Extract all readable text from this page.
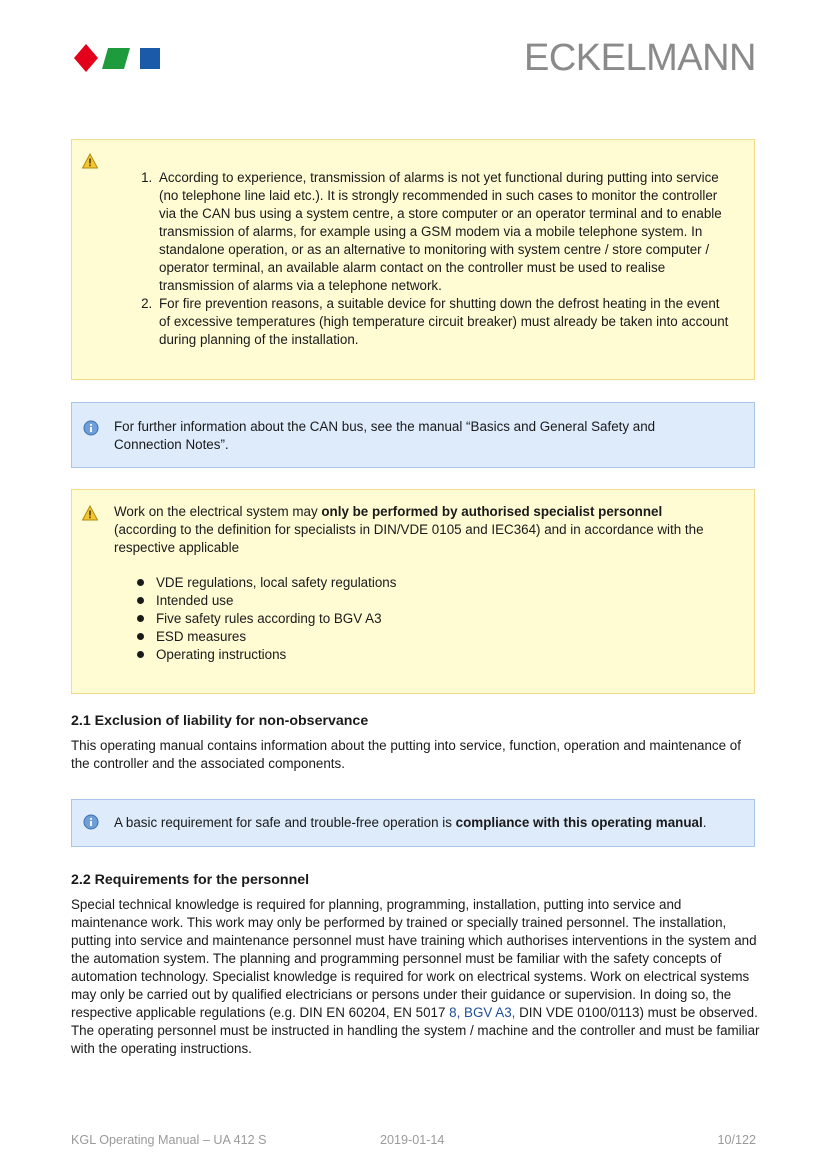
ECKELMANN
1. According to experience, transmission of alarms is not yet functional during putting into service (no telephone line laid etc.). It is strongly recommended in such cases to monitor the controller via the CAN bus using a system centre, a store computer or an operator terminal and to enable transmission of alarms, for example using a GSM modem via a mobile telephone system. In standalone operation, or as an alternative to monitoring with system centre / store computer / operator terminal, an available alarm contact on the controller must be used to realise transmission of alarms via a telephone network.
2. For fire prevention reasons, a suitable device for shutting down the defrost heating in the event of excessive temperatures (high temperature circuit breaker) must already be taken into account during planning of the installation.
For further information about the CAN bus, see the manual “Basics and General Safety and Connection Notes”.
Work on the electrical system may only be performed by authorised specialist personnel (according to the definition for specialists in DIN/VDE 0105 and IEC364) and in accordance with the respective applicable
VDE regulations, local safety regulations
Intended use
Five safety rules according to BGV A3
ESD measures
Operating instructions
2.1 Exclusion of liability for non-observance
This operating manual contains information about the putting into service, function, operation and maintenance of the controller and the associated components.
A basic requirement for safe and trouble-free operation is compliance with this operating manual.
2.2 Requirements for the personnel
Special technical knowledge is required for planning, programming, installation, putting into service and maintenance work. This work may only be performed by trained or specially trained personnel. The installation, putting into service and maintenance personnel must have training which authorises interventions in the system and the automation system. The planning and programming personnel must be familiar with the safety concepts of automation technology. Specialist knowledge is required for work on electrical systems. Work on electrical systems may only be carried out by qualified electricians or persons under their guidance or supervision. In doing so, the respective applicable regulations (e.g. DIN EN 60204, EN 5017 8, BGV A3, DIN VDE 0100/0113) must be observed. The operating personnel must be instructed in handling the system / machine and the controller and must be familiar with the operating instructions.
KGL Operating Manual – UA 412 S	2019-01-14	10/122
